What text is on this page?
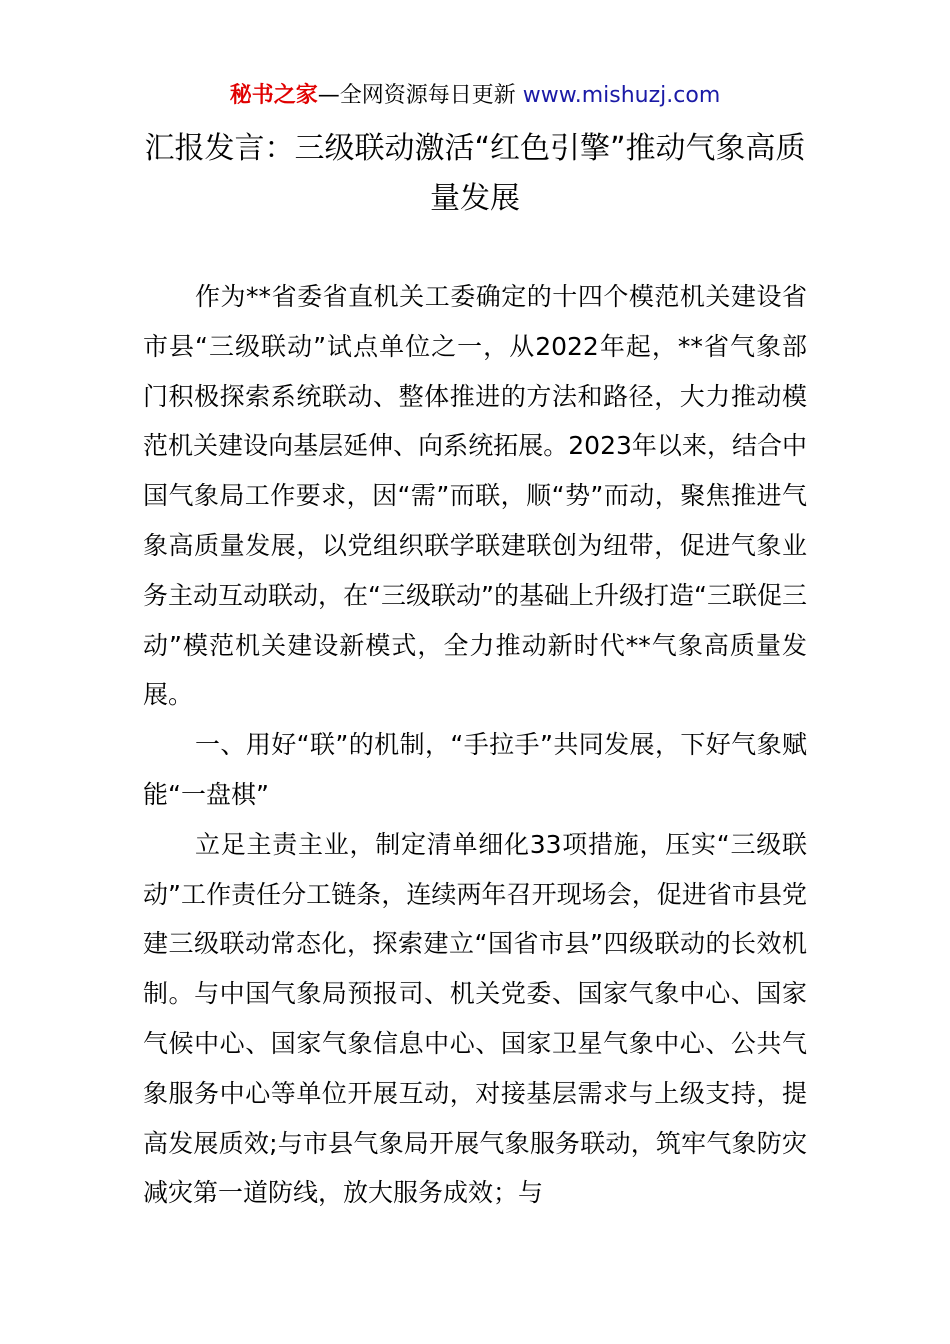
秘书之家—全网资源每日更新 www.mishuzj.com
汇报发言：三级联动激活“红色引擎”推动气象高质量发展

作为**省委省直机关工委确定的十四个模范机关建设省市县“三级联动”试点单位之一，从2022年起，**省气象部门积极探索系统联动、整体推进的方法和路径，大力推动模范机关建设向基层延伸、向系统拓展。2023年以来，结合中国气象局工作要求，因“需”而联，顺“势”而动，聚焦推进气象高质量发展，以党组织联学联建联创为纽带，促进气象业务主动互动联动，在“三级联动”的基础上升级打造“三联促三动”模范机关建设新模式，全力推动新时代**气象高质量发展。

一、用好“联”的机制，“手拉手”共同发展，下好气象赋能“一盘棋”

立足主责主业，制定清单细化33项措施，压实“三级联动”工作责任分工链条，连续两年召开现场会，促进省市县党建三级联动常态化，探索建立“国省市县”四级联动的长效机制。与中国气象局预报司、机关党委、国家气象中心、国家气候中心、国家气象信息中心、国家卫星气象中心、公共气象服务中心等单位开展互动，对接基层需求与上级支持，提高发展质效;与市县气象局开展气象服务联动，筑牢气象防灾减灾第一道防线，放大服务成效；与
